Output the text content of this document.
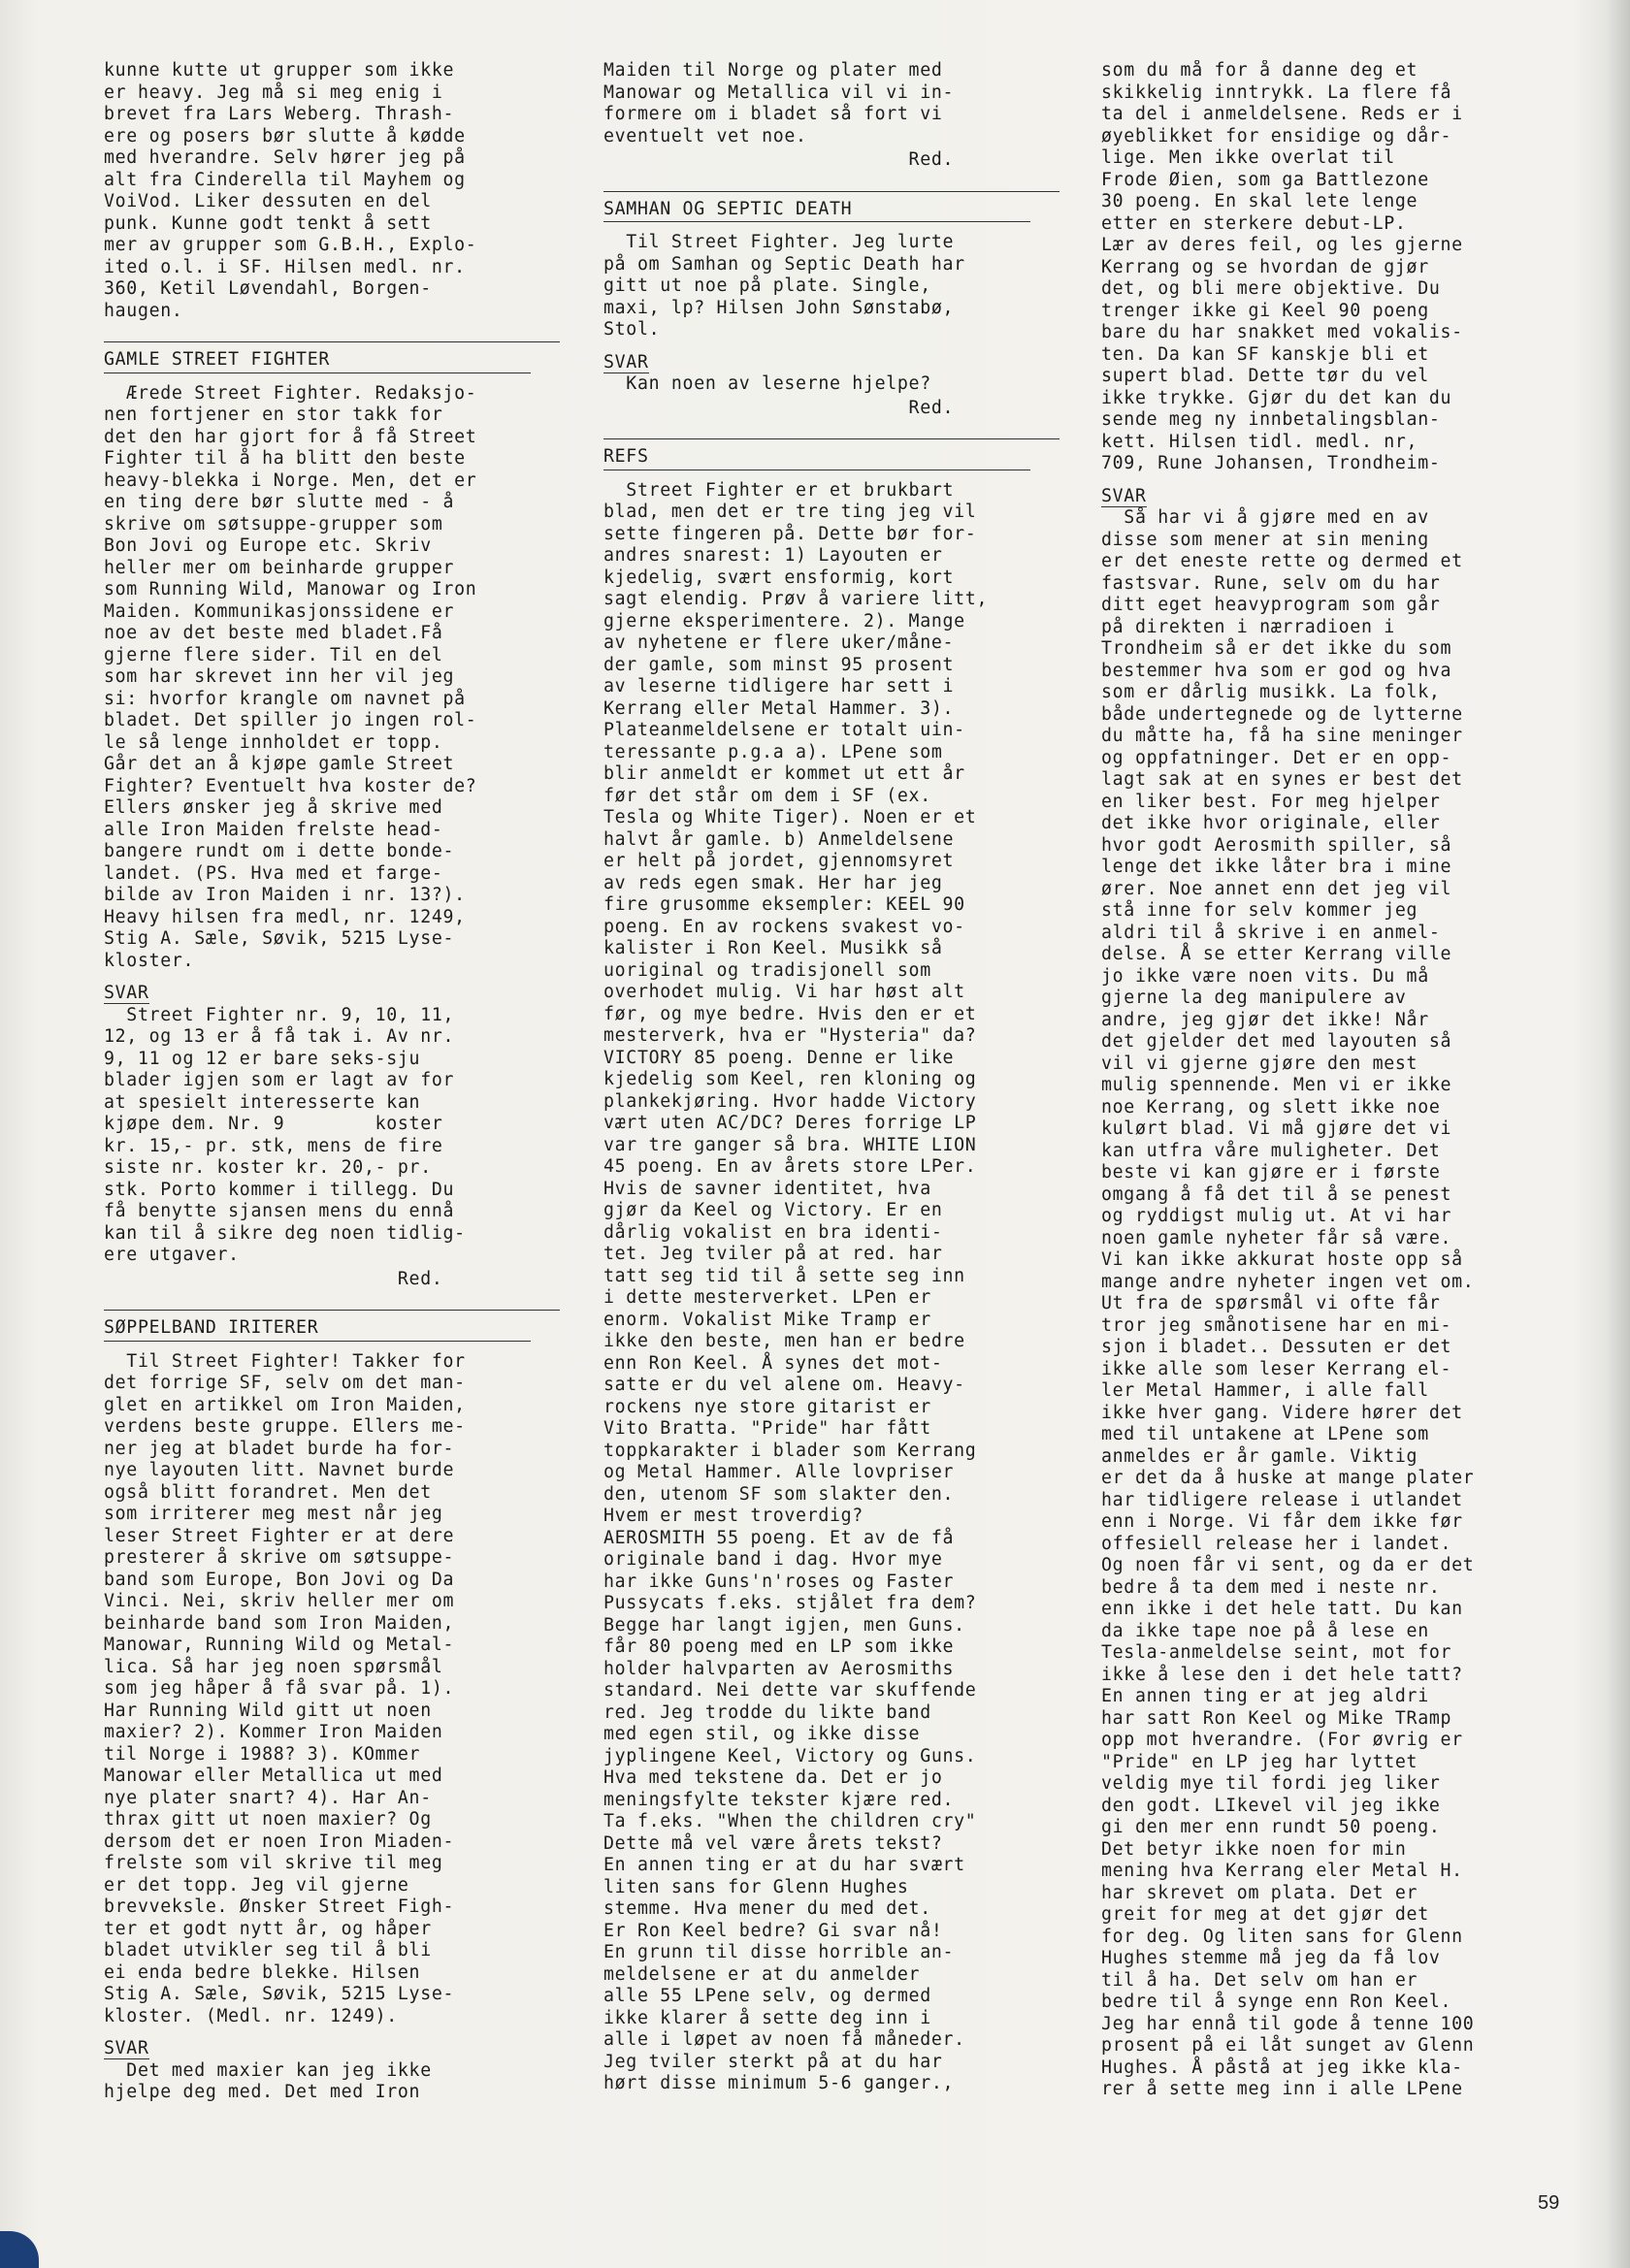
kunne kutte ut grupper som ikke
er heavy. Jeg må si meg enig i
brevet fra Lars Weberg. Thrash-
ere og posers bør slutte å kødde
med hverandre. Selv hører jeg på
alt fra Cinderella til Mayhem og
VoiVod. Liker dessuten en del
punk. Kunne godt tenkt å sett
mer av grupper som G.B.H., Explo-
ited o.l. i SF. Hilsen medl. nr.
360, Ketil Løvendahl, Borgen-
haugen.
GAMLE STREET FIGHTER
Ærede Street Fighter. Redaksjo-
nen fortjener en stor takk for
det den har gjort for å få Street
Fighter til å ha blitt den beste
heavy-blekka i Norge. Men, det er
en ting dere bør slutte med - å
skrive om søtsuppe-grupper som
Bon Jovi og Europe etc. Skriv
heller mer om beinharde grupper
som Running Wild, Manowar og Iron
Maiden. Kommunikasjonssidene er
noe av det beste med bladet.Få
gjerne flere sider. Til en del
som har skrevet inn her vil jeg
si: hvorfor krangle om navnet på
bladet. Det spiller jo ingen rol-
le så lenge innholdet er topp.
Går det an å kjøpe gamle Street
Fighter? Eventuelt hva koster de?
Ellers ønsker jeg å skrive med
alle Iron Maiden frelste head-
bangere rundt om i dette bonde-
landet. (PS. Hva med et farge-
bilde av Iron Maiden i nr. 13?).
Heavy hilsen fra medl, nr. 1249,
Stig A. Sæle, Søvik, 5215 Lyse-
kloster.
SVAR
Street Fighter nr. 9, 10, 11,
12, og 13 er å få tak i. Av nr.
9, 11 og 12 er bare seks-sju
blader igjen som er lagt av for
at spesielt interesserte kan
kjøpe dem. Nr. 9        koster
kr. 15,- pr. stk, mens de fire
siste nr. koster kr. 20,- pr.
stk. Porto kommer i tillegg. Du
få benytte sjansen mens du ennå
kan til å sikre deg noen tidlig-
ere utgaver.
Red.
SØPPELBAND IRITERER
Til Street Fighter! Takker for
det forrige SF, selv om det man-
glet en artikkel om Iron Maiden,
verdens beste gruppe. Ellers me-
ner jeg at bladet burde ha for-
nye layouten litt. Navnet burde
også blitt forandret. Men det
som irriterer meg mest når jeg
leser Street Fighter er at dere
presterer å skrive om søtsuppe-
band som Europe, Bon Jovi og Da
Vinci. Nei, skriv heller mer om
beinharde band som Iron Maiden,
Manowar, Running Wild og Metal-
lica. Så har jeg noen spørsmål
som jeg håper å få svar på. 1).
Har Running Wild gitt ut noen
maxier? 2). Kommer Iron Maiden
til Norge i 1988? 3). KOmmer
Manowar eller Metallica ut med
nye plater snart? 4). Har An-
thrax gitt ut noen maxier? Og
dersom det er noen Iron Miaden-
frelste som vil skrive til meg
er det topp. Jeg vil gjerne
brevveksle. Ønsker Street Figh-
ter et godt nytt år, og håper
bladet utvikler seg til å bli
ei enda bedre blekke. Hilsen
Stig A. Sæle, Søvik, 5215 Lyse-
kloster. (Medl. nr. 1249).
SVAR
Det med maxier kan jeg ikke
hjelpe deg med. Det med Iron
Maiden til Norge og plater med
Manowar og Metallica vil vi in-
formere om i bladet så fort vi
eventuelt vet noe.
Red.
SAMHAN OG SEPTIC DEATH
Til Street Fighter. Jeg lurte
på om Samhan og Septic Death har
gitt ut noe på plate. Single,
maxi, lp? Hilsen John Sønstabø,
Stol.
SVAR
Kan noen av leserne hjelpe?
Red.
REFS
Street Fighter er et brukbart
blad, men det er tre ting jeg vil
sette fingeren på. Dette bør for-
andres snarest: 1) Layouten er
kjedelig, svært ensformig, kort
sagt elendig. Prøv å variere litt,
gjerne eksperimentere. 2). Mange
av nyhetene er flere uker/måne-
der gamle, som minst 95 prosent
av leserne tidligere har sett i
Kerrang eller Metal Hammer. 3).
Plateanmeldelsene er totalt uin-
teressante p.g.a a). LPene som
blir anmeldt er kommet ut ett år
før det står om dem i SF (ex.
Tesla og White Tiger). Noen er et
halvt år gamle. b) Anmeldelsene
er helt på jordet, gjennomsyret
av reds egen smak. Her har jeg
fire grusomme eksempler: KEEL 90
poeng. En av rockens svakest vo-
kalister i Ron Keel. Musikk så
uoriginal og tradisjonell som
overhodet mulig. Vi har høst alt
før, og mye bedre. Hvis den er et
mesterverk, hva er "Hysteria" da?
VICTORY 85 poeng. Denne er like
kjedelig som Keel, ren kloning og
plankekjøring. Hvor hadde Victory
vært uten AC/DC? Deres forrige LP
var tre ganger så bra. WHITE LION
45 poeng. En av årets store LPer.
Hvis de savner identitet, hva
gjør da Keel og Victory. Er en
dårlig vokalist en bra identi-
tet. Jeg tviler på at red. har
tatt seg tid til å sette seg inn
i dette mesterverket. LPen er
enorm. Vokalist Mike Tramp er
ikke den beste, men han er bedre
enn Ron Keel. Å synes det mot-
satte er du vel alene om. Heavy-
rockens nye store gitarist er
Vito Bratta. "Pride" har fått
toppkarakter i blader som Kerrang
og Metal Hammer. Alle lovpriser
den, utenom SF som slakter den.
Hvem er mest troverdig?
AEROSMITH 55 poeng. Et av de få
originale band i dag. Hvor mye
har ikke Guns'n'roses og Faster
Pussycats f.eks. stjålet fra dem?
Begge har langt igjen, men Guns.
får 80 poeng med en LP som ikke
holder halvparten av Aerosmiths
standard. Nei dette var skuffende
red. Jeg trodde du likte band
med egen stil, og ikke disse
jyplingene Keel, Victory og Guns.
Hva med tekstene da. Det er jo
meningsfylte tekster kjære red.
Ta f.eks. "When the children cry"
Dette må vel være årets tekst?
En annen ting er at du har svært
liten sans for Glenn Hughes
stemme. Hva mener du med det.
Er Ron Keel bedre? Gi svar nå!
En grunn til disse horrible an-
meldelsene er at du anmelder
alle 55 LPene selv, og dermed
ikke klarer å sette deg inn i
alle i løpet av noen få måneder.
Jeg tviler sterkt på at du har
hørt disse minimum 5-6 ganger.,
som du må for å danne deg et
skikkelig inntrykk. La flere få
ta del i anmeldelsene. Reds er i
øyeblikket for ensidige og dår-
lige. Men ikke overlat til
Frode Øien, som ga Battlezone
30 poeng. En skal lete lenge
etter en sterkere debut-LP.
Lær av deres feil, og les gjerne
Kerrang og se hvordan de gjør
det, og bli mere objektive. Du
trenger ikke gi Keel 90 poeng
bare du har snakket med vokalis-
ten. Da kan SF kanskje bli et
supert blad. Dette tør du vel
ikke trykke. Gjør du det kan du
sende meg ny innbetalingsblan-
kett. Hilsen tidl. medl. nr,
709, Rune Johansen, Trondheim-
SVAR
Så har vi å gjøre med en av
disse som mener at sin mening
er det eneste rette og dermed et
fastsvar. Rune, selv om du har
ditt eget heavyprogram som går
på direkten i nærradioen i
Trondheim så er det ikke du som
bestemmer hva som er god og hva
som er dårlig musikk. La folk,
både undertegnede og de lytterne
du måtte ha, få ha sine meninger
og oppfatninger. Det er en opp-
lagt sak at en synes er best det
en liker best. For meg hjelper
det ikke hvor originale, eller
hvor godt Aerosmith spiller, så
lenge det ikke låter bra i mine
ører. Noe annet enn det jeg vil
stå inne for selv kommer jeg
aldri til å skrive i en anmel-
delse. Å se etter Kerrang ville
jo ikke være noen vits. Du må
gjerne la deg manipulere av
andre, jeg gjør det ikke! Når
det gjelder det med layouten så
vil vi gjerne gjøre den mest
mulig spennende. Men vi er ikke
noe Kerrang, og slett ikke noe
kulørt blad. Vi må gjøre det vi
kan utfra våre muligheter. Det
beste vi kan gjøre er i første
omgang å få det til å se penest
og ryddigst mulig ut. At vi har
noen gamle nyheter får så være.
Vi kan ikke akkurat hoste opp så
mange andre nyheter ingen vet om.
Ut fra de spørsmål vi ofte får
tror jeg smånotisene har en mi-
sjon i bladet.. Dessuten er det
ikke alle som leser Kerrang el-
ler Metal Hammer, i alle fall
ikke hver gang. Videre hører det
med til untakene at LPene som
anmeldes er år gamle. Viktig
er det da å huske at mange plater
har tidligere release i utlandet
enn i Norge. Vi får dem ikke før
offesiell release her i landet.
Og noen får vi sent, og da er det
bedre å ta dem med i neste nr.
enn ikke i det hele tatt. Du kan
da ikke tape noe på å lese en
Tesla-anmeldelse seint, mot for
ikke å lese den i det hele tatt?
En annen ting er at jeg aldri
har satt Ron Keel og Mike TRamp
opp mot hverandre. (For øvrig er
"Pride" en LP jeg har lyttet
veldig mye til fordi jeg liker
den godt. LIkevel vil jeg ikke
gi den mer enn rundt 50 poeng.
Det betyr ikke noen for min
mening hva Kerrang eler Metal H.
har skrevet om plata. Det er
greit for meg at det gjør det
for deg. Og liten sans for Glenn
Hughes stemme må jeg da få lov
til å ha. Det selv om han er
bedre til å synge enn Ron Keel.
Jeg har ennå til gode å tenne 100
prosent på ei låt sunget av Glenn
Hughes. Å påstå at jeg ikke kla-
rer å sette meg inn i alle LPene
59
